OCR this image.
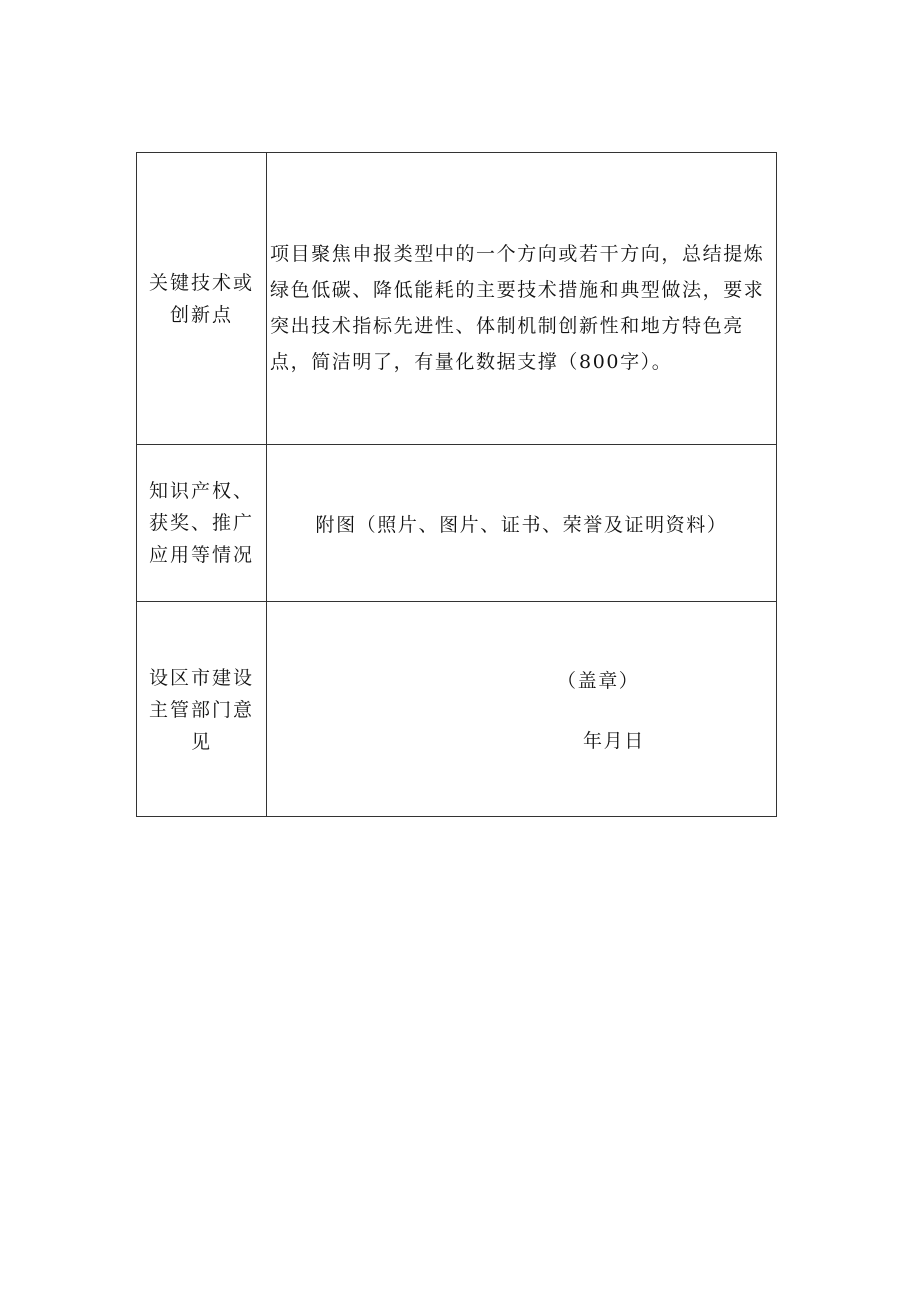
关键技术或
创新点
项目聚焦申报类型中的一个方向或若干方向，总结提炼绿色低碳、降低能耗的主要技术措施和典型做法，要求突出技术指标先进性、体制机制创新性和地方特色亮点，简洁明了，有量化数据支撑（800字）。
知识产权、
获奖、推广
应用等情况
附图（照片、图片、证书、荣誉及证明资料）
设区市建设
主管部门意
见
（盖章）
年月日
